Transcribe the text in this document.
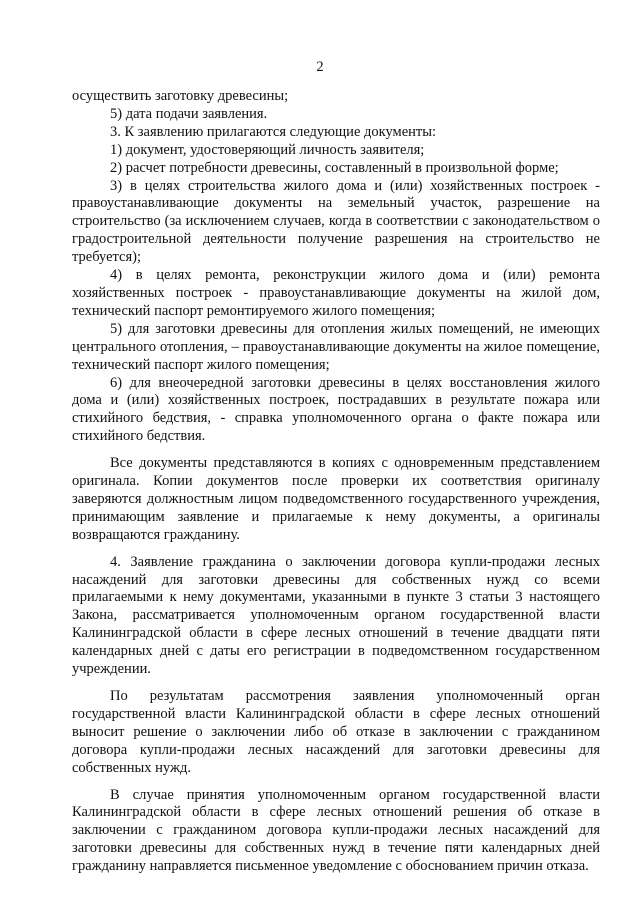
2

осуществить заготовку древесины;

5) дата подачи заявления.

3. К заявлению прилагаются следующие документы:

1) документ, удостоверяющий личность заявителя;

2) расчет потребности древесины, составленный в произвольной форме;

3) в целях строительства жилого дома и (или) хозяйственных построек - правоустанавливающие документы на земельный участок, разрешение на строительство (за исключением случаев, когда в соответствии с законодательством о градостроительной деятельности получение разрешения на строительство не требуется);

4) в целях ремонта, реконструкции жилого дома и (или) ремонта хозяйственных построек - правоустанавливающие документы на жилой дом, технический паспорт ремонтируемого жилого помещения;

5) для заготовки древесины для отопления жилых помещений, не имеющих центрального отопления, – правоустанавливающие документы на жилое помещение, технический паспорт жилого помещения;

6) для внеочередной заготовки древесины в целях восстановления жилого дома и (или) хозяйственных построек, пострадавших в результате пожара или стихийного бедствия, - справка уполномоченного органа о факте пожара или стихийного бедствия.

Все документы представляются в копиях с одновременным представлением оригинала. Копии документов после проверки их соответствия оригиналу заверяются должностным лицом подведомственного государственного учреждения, принимающим заявление и прилагаемые к нему документы, а оригиналы возвращаются гражданину.

4. Заявление гражданина о заключении договора купли-продажи лесных насаждений для заготовки древесины для собственных нужд со всеми прилагаемыми к нему документами, указанными в пункте 3 статьи 3 настоящего Закона, рассматривается уполномоченным органом государственной власти Калининградской области в сфере лесных отношений в течение двадцати пяти календарных дней с даты его регистрации в подведомственном государственном учреждении.

По результатам рассмотрения заявления уполномоченный орган государственной власти Калининградской области в сфере лесных отношений выносит решение о заключении либо об отказе в заключении с гражданином договора купли-продажи лесных насаждений для заготовки древесины для собственных нужд.

В случае принятия уполномоченным органом государственной власти Калининградской области в сфере лесных отношений решения об отказе в заключении с гражданином договора купли-продажи лесных насаждений для заготовки древесины для собственных нужд в течение пяти календарных дней гражданину направляется письменное уведомление с обоснованием причин отказа.
